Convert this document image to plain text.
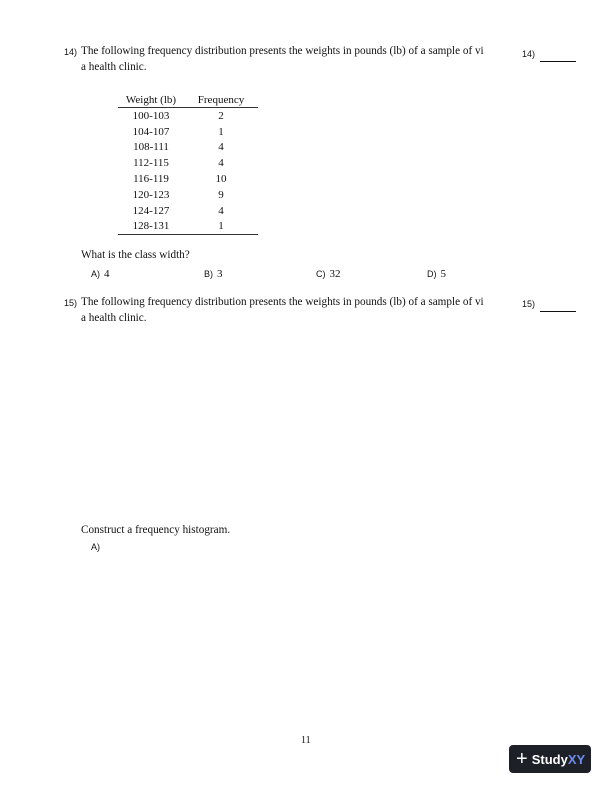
14) The following frequency distribution presents the weights in pounds (lb) of a sample of vi
a health clinic.
14)
Weight (lb)	Frequency
100-103	2
104-107	1
108-111	4
112-115	4
116-119	10
120-123	9
124-127	4
128-131	1
What is the class width?
A) 4	B) 3	C) 32	D) 5
15) The following frequency distribution presents the weights in pounds (lb) of a sample of vi
a health clinic.
15)
Construct a frequency histogram.
A)
11
+ Study XY
